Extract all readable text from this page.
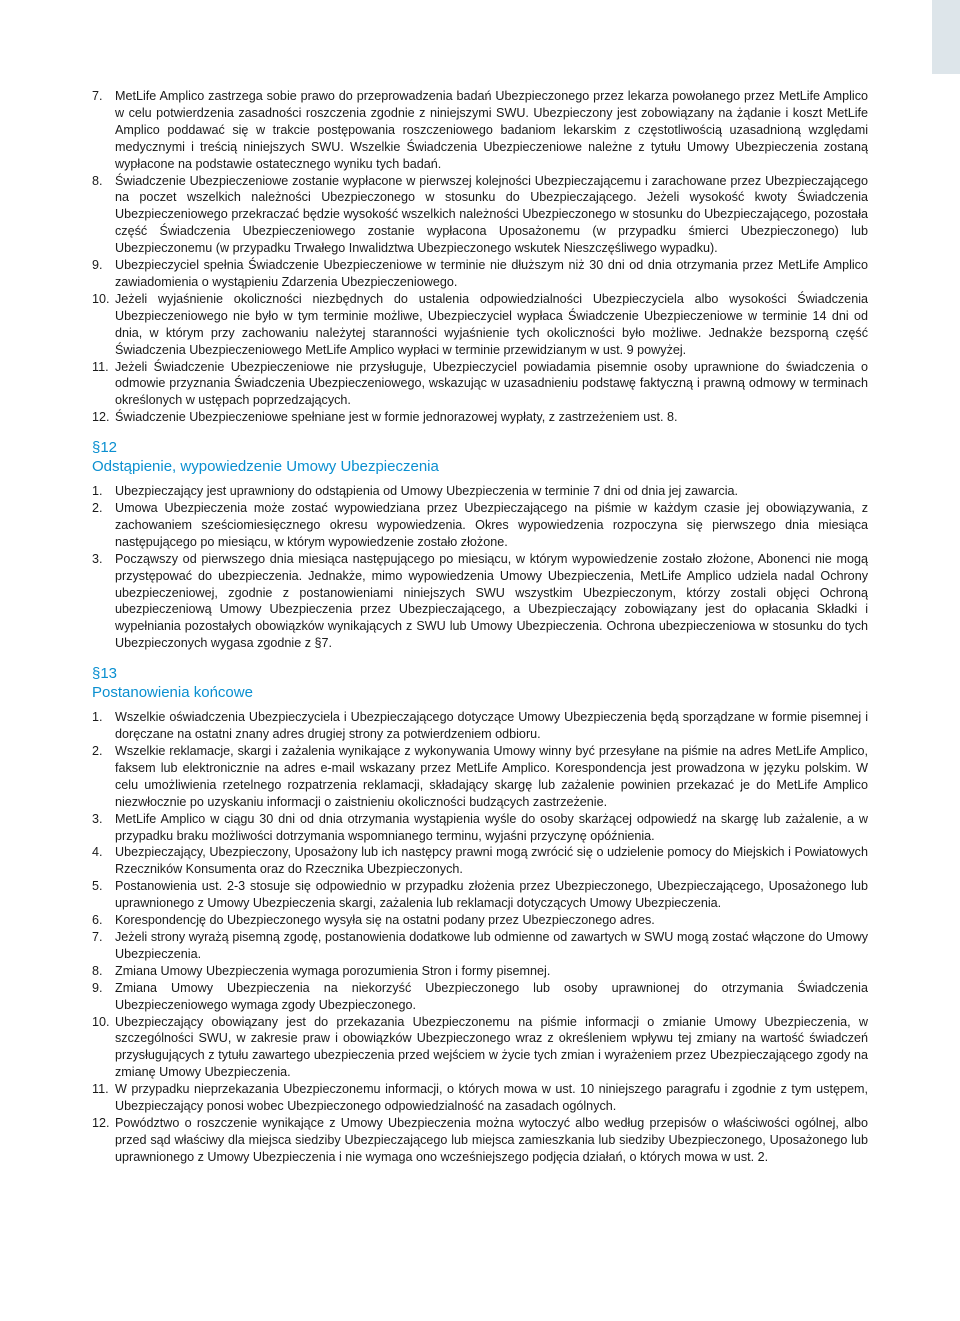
7. MetLife Amplico zastrzega sobie prawo do przeprowadzenia badań Ubezpieczonego przez lekarza powołanego przez MetLife Amplico w celu potwierdzenia zasadności roszczenia zgodnie z niniejszymi SWU. Ubezpieczony jest zobowiązany na żądanie i koszt MetLife Amplico poddawać się w trakcie postępowania roszczeniowego badaniom lekarskim z częstotliwością uzasadnioną względami medycznymi i treścią niniejszych SWU. Wszelkie Świadczenia Ubezpieczeniowe należne z tytułu Umowy Ubezpieczenia zostaną wypłacone na podstawie ostatecznego wyniku tych badań.
8. Świadczenie Ubezpieczeniowe zostanie wypłacone w pierwszej kolejności Ubezpieczającemu i zarachowane przez Ubezpieczającego na poczet wszelkich należności Ubezpieczonego w stosunku do Ubezpieczającego. Jeżeli wysokość kwoty Świadczenia Ubezpieczeniowego przekraczać będzie wysokość wszelkich należności Ubezpieczonego w stosunku do Ubezpieczającego, pozostała część Świadczenia Ubezpieczeniowego zostanie wypłacona Uposażonemu (w przypadku śmierci Ubezpieczonego) lub Ubezpieczonemu (w przypadku Trwałego Inwalidztwa Ubezpieczonego wskutek Nieszczęśliwego wypadku).
9. Ubezpieczyciel spełnia Świadczenie Ubezpieczeniowe w terminie nie dłuższym niż 30 dni od dnia otrzymania przez MetLife Amplico zawiadomienia o wystąpieniu Zdarzenia Ubezpieczeniowego.
10. Jeżeli wyjaśnienie okoliczności niezbędnych do ustalenia odpowiedzialności Ubezpieczyciela albo wysokości Świadczenia Ubezpieczeniowego nie było w tym terminie możliwe, Ubezpieczyciel wypłaca Świadczenie Ubezpieczeniowe w terminie 14 dni od dnia, w którym przy zachowaniu należytej staranności wyjaśnienie tych okoliczności było możliwe. Jednakże bezsporną część Świadczenia Ubezpieczeniowego MetLife Amplico wypłaci w terminie przewidzianym w ust. 9 powyżej.
11. Jeżeli Świadczenie Ubezpieczeniowe nie przysługuje, Ubezpieczyciel powiadamia pisemnie osoby uprawnione do świadczenia o odmowie przyznania Świadczenia Ubezpieczeniowego, wskazując w uzasadnieniu podstawę faktyczną i prawną odmowy w terminach określonych w ustępach poprzedzających.
12. Świadczenie Ubezpieczeniowe spełniane jest w formie jednorazowej wypłaty, z zastrzeżeniem ust. 8.
§12
Odstąpienie, wypowiedzenie Umowy Ubezpieczenia
1. Ubezpieczający jest uprawniony do odstąpienia od Umowy Ubezpieczenia w terminie 7 dni od dnia jej zawarcia.
2. Umowa Ubezpieczenia może zostać wypowiedziana przez Ubezpieczającego na piśmie w każdym czasie jej obowiązywania, z zachowaniem sześciomiesięcznego okresu wypowiedzenia. Okres wypowiedzenia rozpoczyna się pierwszego dnia miesiąca następującego po miesiącu, w którym wypowiedzenie zostało złożone.
3. Począwszy od pierwszego dnia miesiąca następującego po miesiącu, w którym wypowiedzenie zostało złożone, Abonenci nie mogą przystępować do ubezpieczenia. Jednakże, mimo wypowiedzenia Umowy Ubezpieczenia, MetLife Amplico udziela nadal Ochrony ubezpieczeniowej, zgodnie z postanowieniami niniejszych SWU wszystkim Ubezpieczonym, którzy zostali objęci Ochroną ubezpieczeniową Umowy Ubezpieczenia przez Ubezpieczającego, a Ubezpieczający zobowiązany jest do opłacania Składki i wypełniania pozostałych obowiązków wynikających z SWU lub Umowy Ubezpieczenia. Ochrona ubezpieczeniowa w stosunku do tych Ubezpieczonych wygasa zgodnie z §7.
§13
Postanowienia końcowe
1. Wszelkie oświadczenia Ubezpieczyciela i Ubezpieczającego dotyczące Umowy Ubezpieczenia będą sporządzane w formie pisemnej i doręczane na ostatni znany adres drugiej strony za potwierdzeniem odbioru.
2. Wszelkie reklamacje, skargi i zażalenia wynikające z wykonywania Umowy winny być przesyłane na piśmie na adres MetLife Amplico, faksem lub elektronicznie na adres e-mail wskazany przez MetLife Amplico. Korespondencja jest prowadzona w języku polskim. W celu umożliwienia rzetelnego rozpatrzenia reklamacji, składający skargę lub zażalenie powinien przekazać je do MetLife Amplico niezwłocznie po uzyskaniu informacji o zaistnieniu okoliczności budzących zastrzeżenie.
3. MetLife Amplico w ciągu 30 dni od dnia otrzymania wystąpienia wyśle do osoby skarżącej odpowiedź na skargę lub zażalenie, a w przypadku braku możliwości dotrzymania wspomnianego terminu, wyjaśni przyczynę opóźnienia.
4. Ubezpieczający, Ubezpieczony, Uposażony lub ich następcy prawni mogą zwrócić się o udzielenie pomocy do Miejskich i Powiatowych Rzeczników Konsumenta oraz do Rzecznika Ubezpieczonych.
5. Postanowienia ust. 2-3 stosuje się odpowiednio w przypadku złożenia przez Ubezpieczonego, Ubezpieczającego, Uposażonego lub uprawnionego z Umowy Ubezpieczenia skargi, zażalenia lub reklamacji dotyczących Umowy Ubezpieczenia.
6. Korespondencję do Ubezpieczonego wysyła się na ostatni podany przez Ubezpieczonego adres.
7. Jeżeli strony wyrażą pisemną zgodę, postanowienia dodatkowe lub odmienne od zawartych w SWU mogą zostać włączone do Umowy Ubezpieczenia.
8. Zmiana Umowy Ubezpieczenia wymaga porozumienia Stron i formy pisemnej.
9. Zmiana Umowy Ubezpieczenia na niekorzyść Ubezpieczonego lub osoby uprawnionej do otrzymania Świadczenia Ubezpieczeniowego wymaga zgody Ubezpieczonego.
10. Ubezpieczający obowiązany jest do przekazania Ubezpieczonemu na piśmie informacji o zmianie Umowy Ubezpieczenia, w szczególności SWU, w zakresie praw i obowiązków Ubezpieczonego wraz z określeniem wpływu tej zmiany na wartość świadczeń przysługujących z tytułu zawartego ubezpieczenia przed wejściem w życie tych zmian i wyrażeniem przez Ubezpieczającego zgody na zmianę Umowy Ubezpieczenia.
11. W przypadku nieprzekazania Ubezpieczonemu informacji, o których mowa w ust. 10 niniejszego paragrafu i zgodnie z tym ustępem, Ubezpieczający ponosi wobec Ubezpieczonego odpowiedzialność na zasadach ogólnych.
12. Powództwo o roszczenie wynikające z Umowy Ubezpieczenia można wytoczyć albo według przepisów o właściwości ogólnej, albo przed sąd właściwy dla miejsca siedziby Ubezpieczającego lub miejsca zamieszkania lub siedziby Ubezpieczonego, Uposażonego lub uprawnionego z Umowy Ubezpieczenia i nie wymaga ono wcześniejszego podjęcia działań, o których mowa w ust. 2.
